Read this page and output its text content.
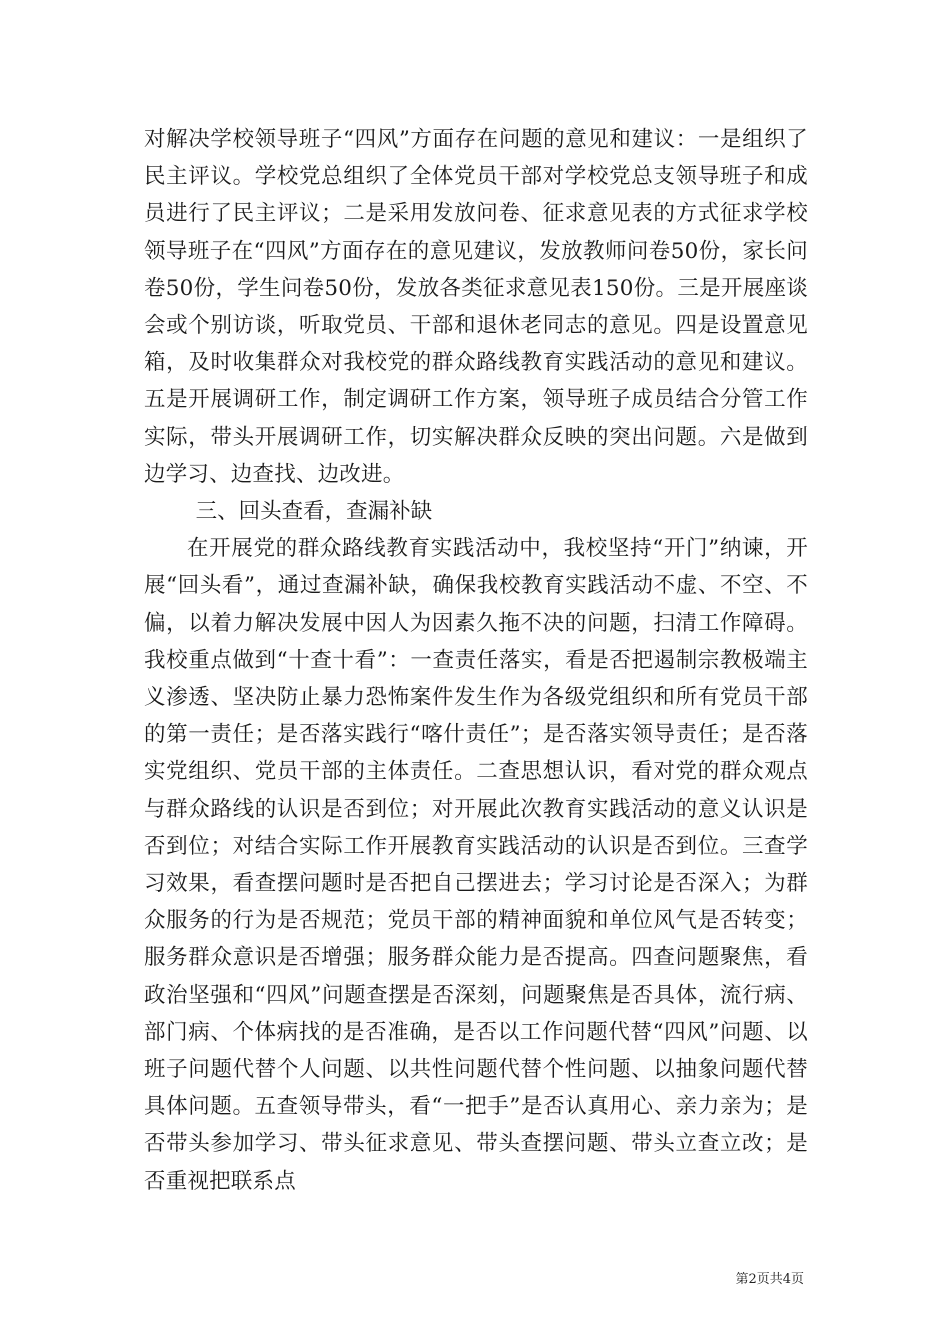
对解决学校领导班子“四风”方面存在问题的意见和建议：一是组织了民主评议。学校党总组织了全体党员干部对学校党总支领导班子和成员进行了民主评议；二是采用发放问卷、征求意见表的方式征求学校领导班子在“四风”方面存在的意见建议，发放教师问卷50份，家长问卷50份，学生问卷50份，发放各类征求意见表150份。三是开展座谈会或个别访谈，听取党员、干部和退休老同志的意见。四是设置意见箱，及时收集群众对我校党的群众路线教育实践活动的意见和建议。五是开展调研工作，制定调研工作方案，领导班子成员结合分管工作实际，带头开展调研工作，切实解决群众反映的突出问题。六是做到边学习、边查找、边改进。

三、回头查看，查漏补缺

在开展党的群众路线教育实践活动中，我校坚持“开门”纳谏，开展“回头看”，通过查漏补缺，确保我校教育实践活动不虚、不空、不偏，以着力解决发展中因人为因素久拖不决的问题，扫清工作障碍。我校重点做到“十查十看”：一查责任落实，看是否把遏制宗教极端主义渗透、坚决防止暴力恐怖案件发生作为各级党组织和所有党员干部的第一责任；是否落实践行“喀什责任”；是否落实领导责任；是否落实党组织、党员干部的主体责任。二查思想认识，看对党的群众观点与群众路线的认识是否到位；对开展此次教育实践活动的意义认识是否到位；对结合实际工作开展教育实践活动的认识是否到位。三查学习效果，看查摆问题时是否把自己摆进去；学习讨论是否深入；为群众服务的行为是否规范；党员干部的精神面貌和单位风气是否转变；服务群众意识是否增强；服务群众能力是否提高。四查问题聚焦，看政治坚强和“四风”问题查摆是否深刻，问题聚焦是否具体，流行病、部门病、个体病找的是否准确，是否以工作问题代替“四风”问题、以班子问题代替个人问题、以共性问题代替个性问题、以抽象问题代替具体问题。五查领导带头，看“一把手”是否认真用心、亲力亲为；是否带头参加学习、带头征求意见、带头查摆问题、带头立查立改；是否重视把联系点

第2页共4页
